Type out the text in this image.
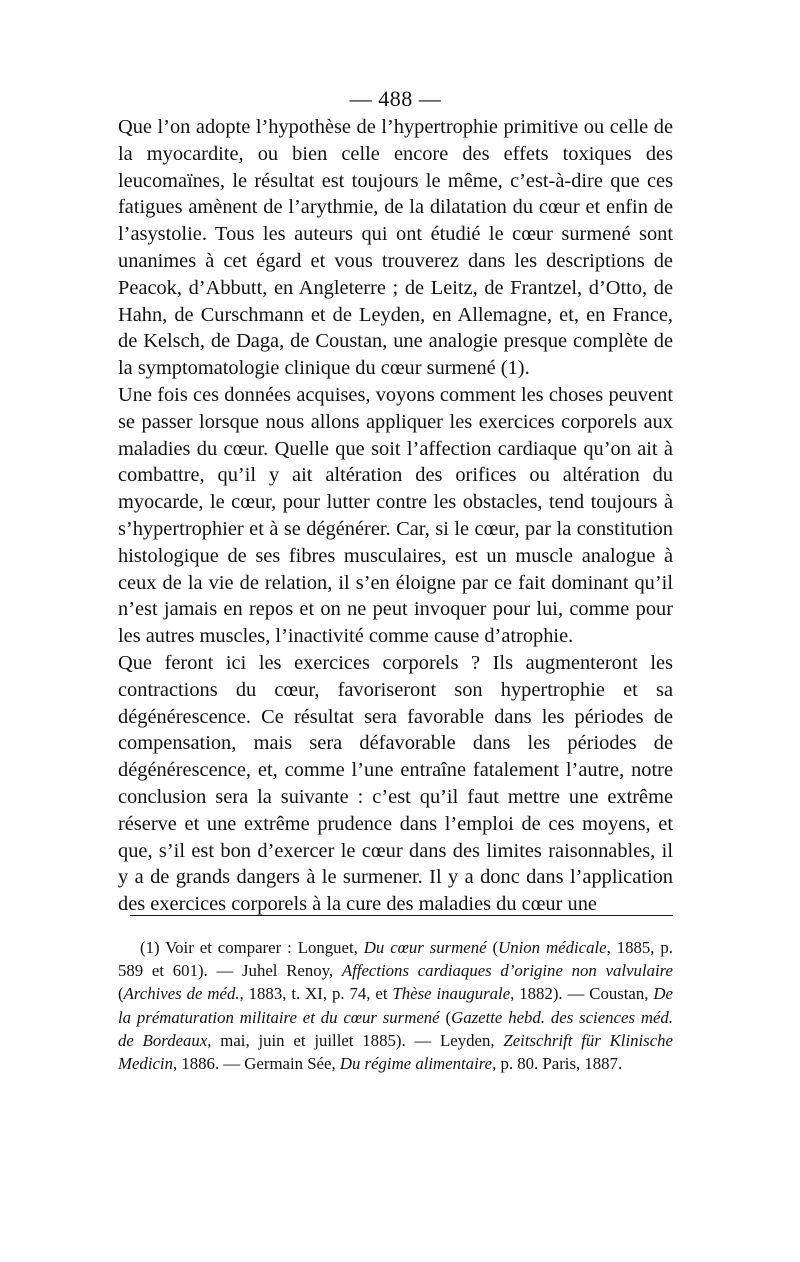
— 488 —

Que l’on adopte l’hypothèse de l’hypertrophie primitive ou celle de la myocardite, ou bien celle encore des effets toxiques des leucomaïnes, le résultat est toujours le même, c’est-à-dire que ces fatigues amènent de l’arythmie, de la dilatation du cœur et enfin de l’asystolie. Tous les auteurs qui ont étudié le cœur surmené sont unanimes à cet égard et vous trouverez dans les descriptions de Peacok, d’Abbutt, en Angleterre ; de Leitz, de Frantzel, d’Otto, de Hahn, de Curschmann et de Leyden, en Allemagne, et, en France, de Kelsch, de Daga, de Coustan, une analogie presque complète de la symptomatologie clinique du cœur surmené (1).

Une fois ces données acquises, voyons comment les choses peuvent se passer lorsque nous allons appliquer les exercices corporels aux maladies du cœur. Quelle que soit l’affection cardiaque qu’on ait à combattre, qu’il y ait altération des orifices ou altération du myocarde, le cœur, pour lutter contre les obstacles, tend toujours à s’hypertrophier et à se dégénérer. Car, si le cœur, par la constitution histologique de ses fibres musculaires, est un muscle analogue à ceux de la vie de relation, il s’en éloigne par ce fait dominant qu’il n’est jamais en repos et on ne peut invoquer pour lui, comme pour les autres muscles, l’inactivité comme cause d’atrophie.

Que feront ici les exercices corporels ? Ils augmenteront les contractions du cœur, favoriseront son hypertrophie et sa dégénérescence. Ce résultat sera favorable dans les périodes de compensation, mais sera défavorable dans les périodes de dégénérescence, et, comme l’une entraîne fatalement l’autre, notre conclusion sera la suivante : c’est qu’il faut mettre une extrême réserve et une extrême prudence dans l’emploi de ces moyens, et que, s’il est bon d’exercer le cœur dans des limites raisonnables, il y a de grands dangers à le surmener. Il y a donc dans l’application des exercices corporels à la cure des maladies du cœur une

(1) Voir et comparer : Longuet, Du cœur surmené (Union médicale, 1885, p. 589 et 601). — Juhel Renoy, Affections cardiaques d’origine non valvulaire (Archives de méd., 1883, t. XI, p. 74, et Thèse inaugurale, 1882). — Coustan, De la prématuration militaire et du cœur surmené (Gazette hebd. des sciences méd. de Bordeaux, mai, juin et juillet 1885). — Leyden, Zeitschrift für Klinische Medicin, 1886. — Germain Sée, Du régime alimentaire, p. 80. Paris, 1887.
